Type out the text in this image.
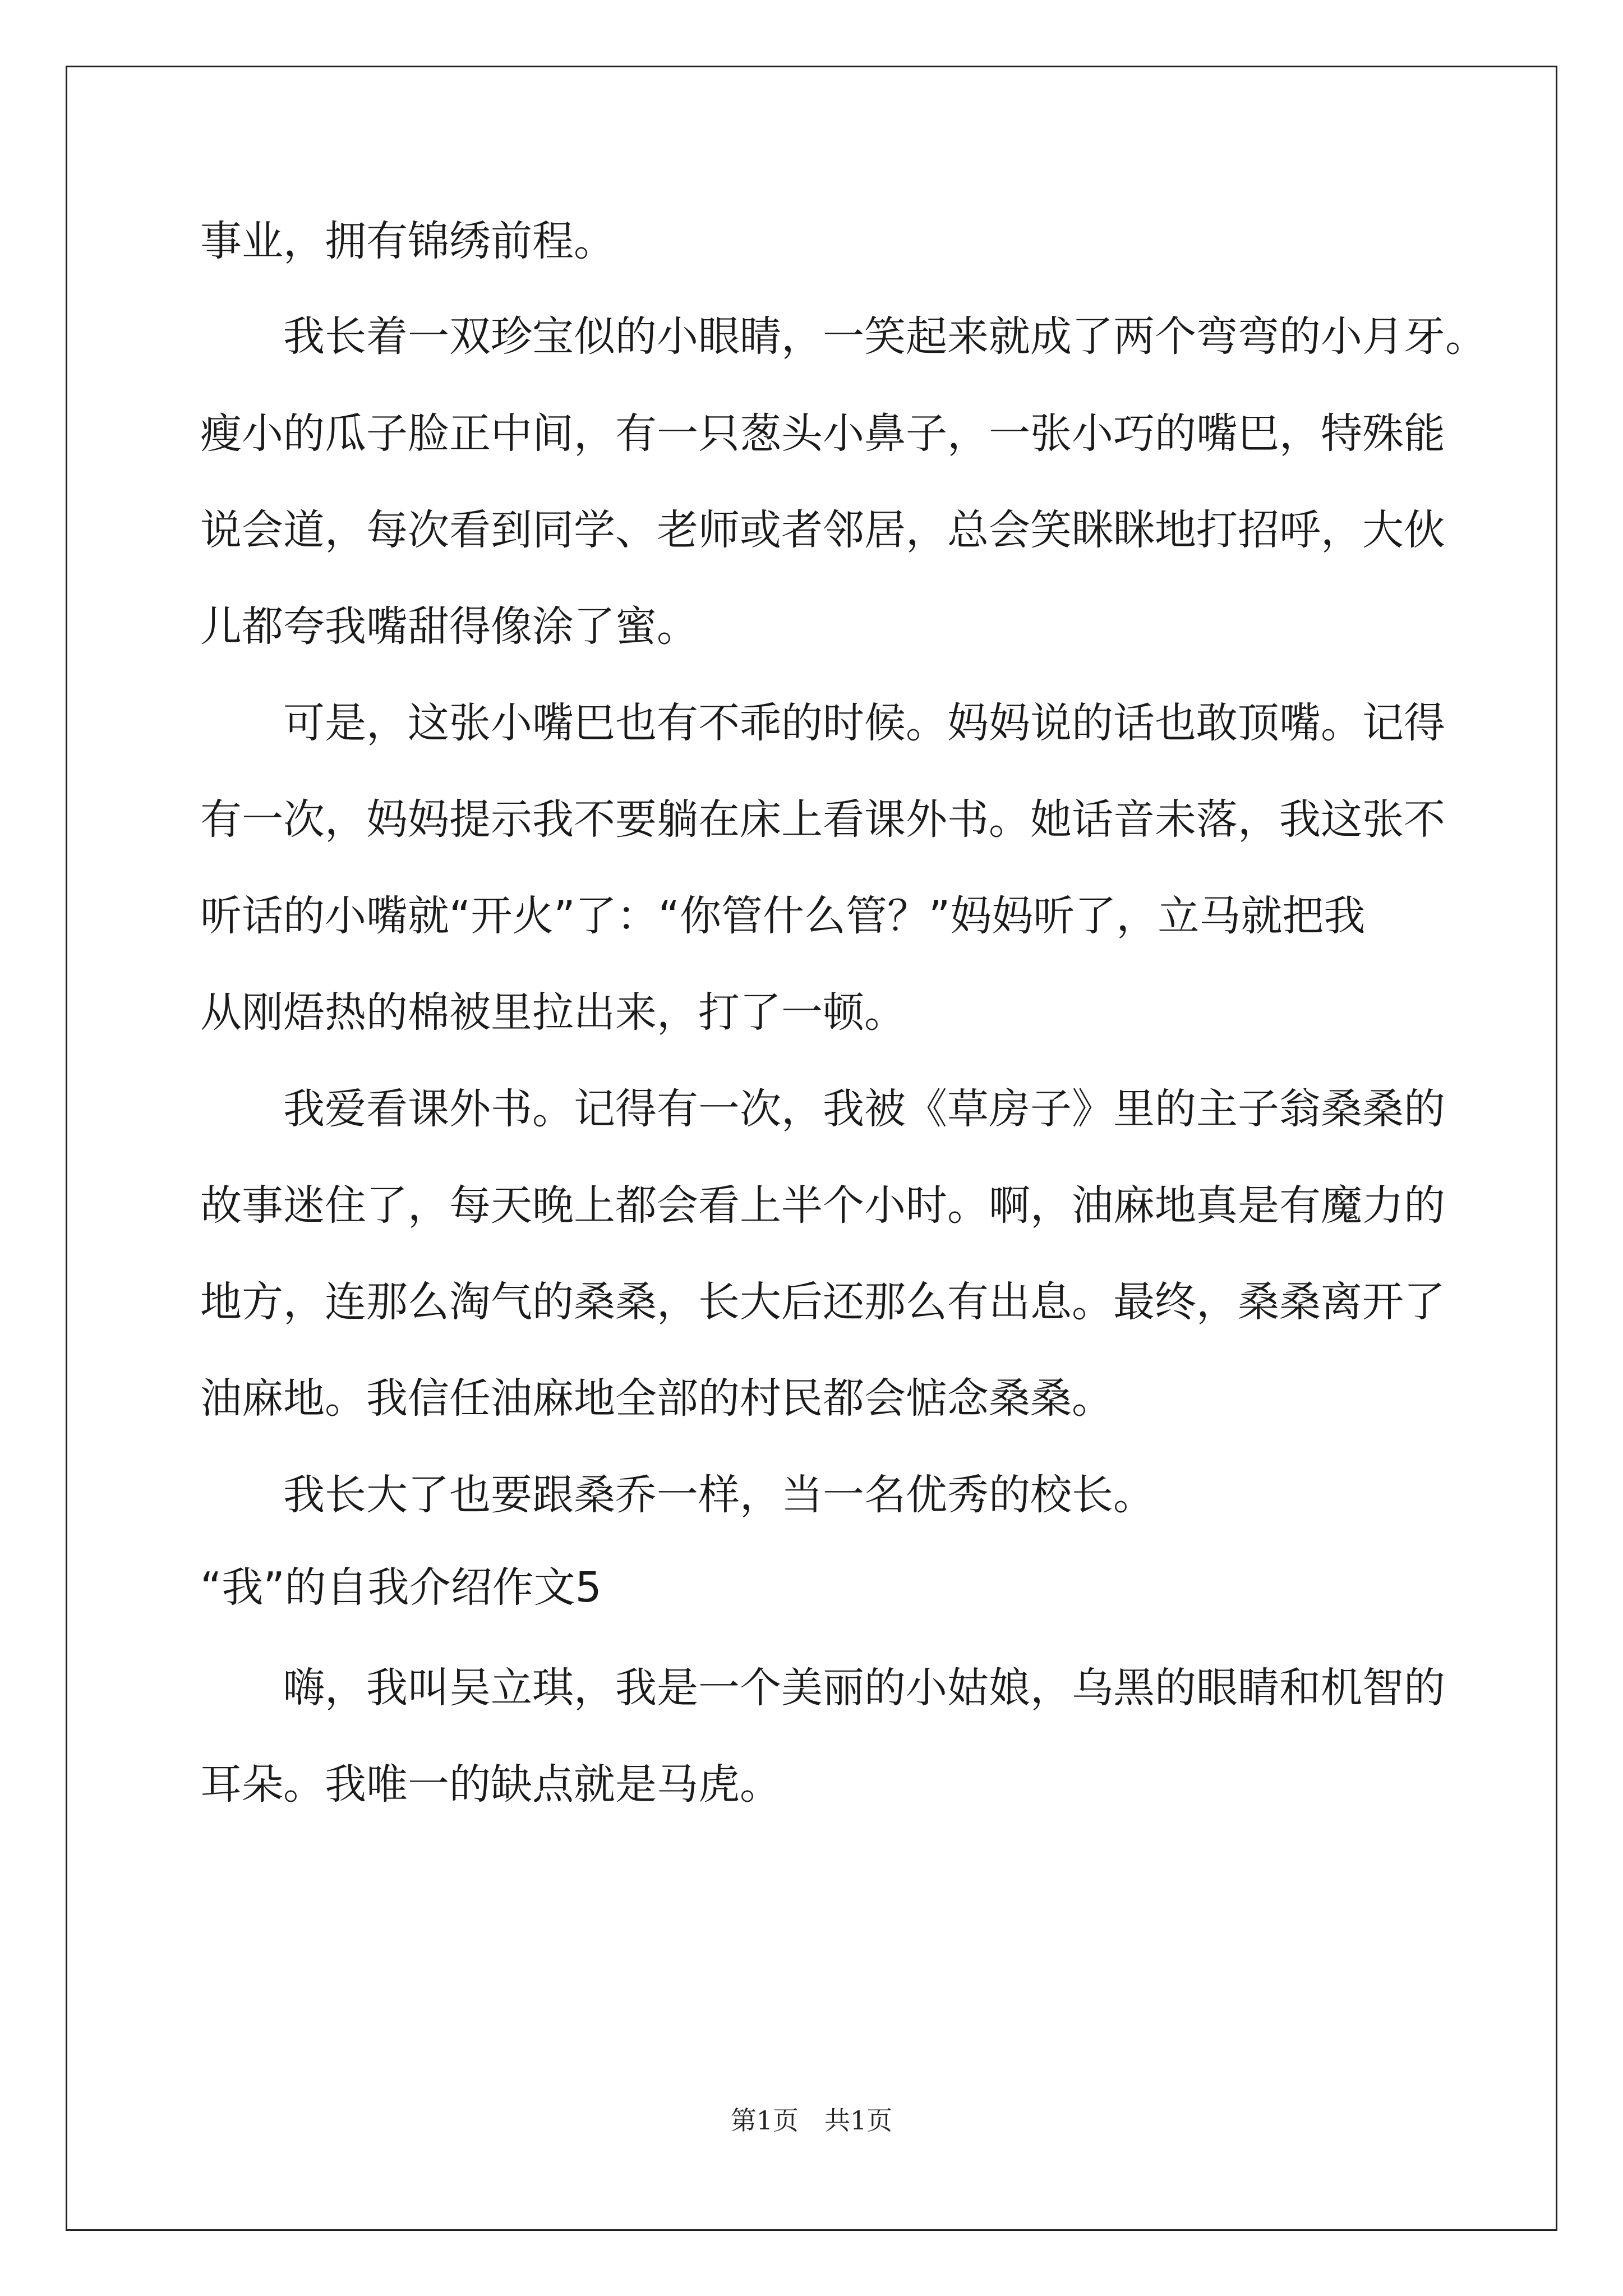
事业，拥有锦绣前程。

我长着一双珍宝似的小眼睛，一笑起来就成了两个弯弯的小月牙。

瘦小的瓜子脸正中间，有一只葱头小鼻子，一张小巧的嘴巴，特殊能

说会道，每次看到同学、老师或者邻居，总会笑眯眯地打招呼，大伙

儿都夸我嘴甜得像涂了蜜。

可是，这张小嘴巴也有不乖的时候。妈妈说的话也敢顶嘴。记得

有一次，妈妈提示我不要躺在床上看课外书。她话音未落，我这张不

听话的小嘴就“开火”了：“你管什么管？”妈妈听了，立马就把我

从刚焐热的棉被里拉出来，打了一顿。

我爱看课外书。记得有一次，我被《草房子》里的主子翁桑桑的

故事迷住了，每天晚上都会看上半个小时。啊，油麻地真是有魔力的

地方，连那么淘气的桑桑，长大后还那么有出息。最终，桑桑离开了

油麻地。我信任油麻地全部的村民都会惦念桑桑。

我长大了也要跟桑乔一样，当一名优秀的校长。

“我”的自我介绍作文5

嗨，我叫吴立琪，我是一个美丽的小姑娘，乌黑的眼睛和机智的

耳朵。我唯一的缺点就是马虎。

第1页　共1页
